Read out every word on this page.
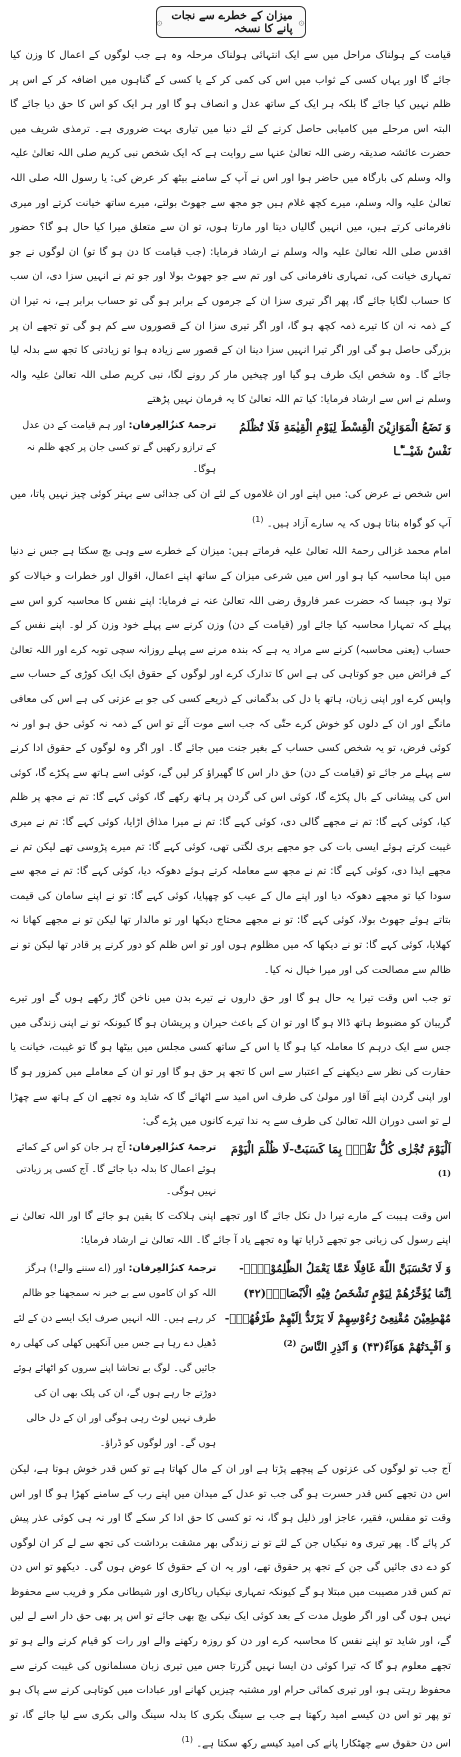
۞
میزان کے خطرے سے نجات پانے کا نسخہ
۞

قیامت کے ہولناک مراحل میں سے ایک انتہائی ہولناک مرحلہ وہ ہے جب لوگوں کے اعمال کا وزن کیا جائے گا اور یہاں کسی کے ثواب میں اس کی کمی کر کے یا کسی کے گناہوں میں اضافہ کر کے اس پر ظلم نہیں کیا جائے گا بلکہ ہر ایک کے ساتھ عدل و انصاف ہو گا اور ہر ایک کو اس کا حق دیا جائے گا البتہ اس مرحلے میں کامیابی حاصل کرنے کے لئے دنیا میں تیاری بہت ضروری ہے۔ ترمذی شریف میں حضرت عائشہ صدیقہ رضی اللہ تعالیٰ عنہا سے روایت ہے کہ ایک شخص نبی کریم صلی اللہ تعالیٰ علیہ والہ وسلم کی بارگاہ میں حاضر ہوا اور اس نے آپ کے سامنے بیٹھ کر عرض کی: یا رسول اللہ صلی اللہ تعالیٰ علیہ والہ وسلم، میرے کچھ غلام ہیں جو مجھ سے جھوٹ بولتے، میرے ساتھ خیانت کرتے اور میری نافرمانی کرتے ہیں، میں انہیں گالیاں دیتا اور مارتا ہوں، تو ان سے متعلق میرا کیا حال ہو گا؟ حضور اقدس صلی اللہ تعالیٰ علیہ والہ وسلم نے ارشاد فرمایا: (جب قیامت کا دن ہو گا تو) ان لوگوں نے جو تمہاری خیانت کی، تمہاری نافرمانی کی اور تم سے جو جھوٹ بولا اور جو تم نے انہیں سزا دی، ان سب کا حساب لگایا جائے گا، پھر اگر تیری سزا ان کے جرموں کے برابر ہو گی تو حساب برابر ہے، نہ تیرا ان کے ذمہ نہ ان کا تیرے ذمہ کچھ ہو گا، اور اگر تیری سزا ان کے قصوروں سے کم ہو گی تو تجھے ان پر بزرگی حاصل ہو گی اور اگر تیرا انہیں سزا دینا ان کے قصور سے زیادہ ہوا تو زیادتی کا تجھ سے بدلہ لیا جائے گا۔ وہ شخص ایک طرف ہو گیا اور چیخیں مار کر رونے لگا، نبی کریم صلی اللہ تعالیٰ علیہ والہ وسلم نے اس سے ارشاد فرمایا: کیا تم اللہ تعالیٰ کا یہ فرمان نہیں پڑھتے

وَ نَضَعُ الْمَوَازِیْنَ الْقِسْطَ لِیَوْمِ الْقِیٰمَةِ فَلَا تُظْلَمُ نَفْسٌ شَیْــٴًـا
ترجمۂ کنزُالعِرفان: اور ہم قیامت کے دن عدل کے ترازو رکھیں گے تو کسی جان پر کچھ ظلم نہ ہوگا۔

اس شخص نے عرض کی: میں اپنے اور ان غلاموں کے لئے ان کی جدائی سے بہتر کوئی چیز نہیں پاتا، میں آپ کو گواہ بناتا ہوں کہ یہ سارے آزاد ہیں۔ $^{(1)}$

امام محمد غزالی رحمۃ اللہ تعالیٰ علیہ فرماتے ہیں: میزان کے خطرے سے وہی بچ سکتا ہے جس نے دنیا میں اپنا محاسبہ کیا ہو اور اس میں شرعی میزان کے ساتھ اپنے اعمال، اقوال اور خطرات و خیالات کو تولا ہو، جیسا کہ حضرت عمر فاروق رضی اللہ تعالیٰ عنہ نے فرمایا: اپنے نفس کا محاسبہ کرو اس سے پہلے کہ تمہارا محاسبہ کیا جائے اور (قیامت کے دن) وزن کرنے سے پہلے خود وزن کر لو۔ اپنے نفس کے حساب (یعنی محاسبہ) کرنے سے مراد یہ ہے کہ بندہ مرنے سے پہلے روزانہ سچی توبہ کرے اور اللہ تعالیٰ کے فرائض میں جو کوتاہی کی ہے اس کا تدارک کرے اور لوگوں کے حقوق ایک ایک کوڑی کے حساب سے واپس کرے اور اپنی زبان، ہاتھ یا دل کی بدگمانی کے ذریعے کسی کی جو بے عزتی کی ہے اس کی معافی مانگے اور ان کے دلوں کو خوش کرے حتّٰی کہ جب اسے موت آئے تو اس کے ذمہ نہ کوئی حق ہو اور نہ کوئی فرض، تو یہ شخص کسی حساب کے بغیر جنت میں جائے گا۔ اور اگر وہ لوگوں کے حقوق ادا کرنے سے پہلے مر جائے تو (قیامت کے دن) حق دار اس کا گھیراؤ کر لیں گے، کوئی اسے ہاتھ سے پکڑے گا، کوئی اس کی پیشانی کے بال پکڑے گا، کوئی اس کی گردن پر ہاتھ رکھے گا، کوئی کہے گا: تم نے مجھ پر ظلم کیا، کوئی کہے گا: تم نے مجھے گالی دی، کوئی کہے گا: تم نے میرا مذاق اڑایا، کوئی کہے گا: تم نے میری غیبت کرتے ہوئے ایسی بات کی جو مجھے بری لگتی تھی، کوئی کہے گا: تم میرے پڑوسی تھے لیکن تم نے مجھے ایذا دی، کوئی کہے گا: تم نے مجھ سے معاملہ کرتے ہوئے دھوکہ دیا، کوئی کہے گا: تم نے مجھ سے سودا کیا تو مجھے دھوکہ دیا اور اپنے مال کے عیب کو چھپایا، کوئی کہے گا: تو نے اپنے سامان کی قیمت بتاتے ہوئے جھوٹ بولا، کوئی کہے گا: تو نے مجھے محتاج دیکھا اور تو مالدار تھا لیکن تو نے مجھے کھانا نہ کھلایا، کوئی کہے گا: تو نے دیکھا کہ میں مظلوم ہوں اور تو اس ظلم کو دور کرنے پر قادر تھا لیکن تو نے ظالم سے مصالحت کی اور میرا خیال نہ کیا۔

تو جب اس وقت تیرا یہ حال ہو گا اور حق داروں نے تیرے بدن میں ناخن گاڑ رکھے ہوں گے اور تیرے گریبان کو مضبوط ہاتھ ڈالا ہو گا اور تو ان کے باعث حیران و پریشان ہو گا کیونکہ تو نے اپنی زندگی میں جس سے ایک درہم کا معاملہ کیا ہو گا یا اس کے ساتھ کسی مجلس میں بیٹھا ہو گا تو غیبت، خیانت یا حقارت کی نظر سے دیکھنے کے اعتبار سے اس کا تجھ پر حق ہو گا اور تو ان کے معاملے میں کمزور ہو گا اور اپنی گردن اپنے آقا اور مولیٰ کی طرف اس امید سے اٹھائے گا کہ شاید وہ تجھے ان کے ہاتھ سے چھڑا لے تو اسی دوران اللہ تعالیٰ کی طرف سے یہ ندا تیرے کانوں میں پڑے گی:

اَلْیَوْمَ تُجْزٰى كُلُّ نَفْسٍۭ بِمَا كَسَبَتْؕ-لَا ظُلْمَ الْیَوْمَ $^{(1)}$
ترجمۂ کنزُالعِرفان: آج ہر جان کو اس کے کمائے ہوئے اعمال کا بدلہ دیا جائے گا۔ آج کسی پر زیادتی نہیں ہوگی۔

اس وقت ہیبت کے مارے تیرا دل نکل جائے گا اور تجھے اپنی ہلاکت کا یقین ہو جائے گا اور اللہ تعالیٰ نے اپنے رسول کی زبانی جو تجھے ڈرایا تھا وہ تجھے یاد آ جائے گا۔ اللہ تعالیٰ نے ارشاد فرمایا:

وَ لَا تَحْسَبَنَّ اللّٰهَ غَافِلًا عَمَّا یَعْمَلُ الظّٰلِمُوْنَ۬ؕ-اِنَّمَا یُؤَخِّرُهُمْ لِیَوْمٍ تَشْخَصُ فِیْهِ الْاَبْصَارُۙ(۴۲) مُهْطِعِیْنَ مُقْنِعِیْ رُءُوْسِهِمْ لَا یَرْتَدُّ اِلَیْهِمْ طَرْفُهُمْۚ-وَ اَفْـٕدَتُهُمْ هَوَآءٌ(۴۳) وَ اَنْذِرِ النَّاسَ $^{(2)}$
ترجمۂ کنزُالعِرفان: اور (اے سننے والے!) ہرگز اللہ کو ان کاموں سے بے خبر نہ سمجھنا جو ظالم کر رہے ہیں۔ اللہ انہیں صرف ایک ایسے دن کے لئے ڈھیل دے رہا ہے جس میں آنکھیں کھلی کی کھلی رہ جائیں گی۔ لوگ بے تحاشا اپنے سروں کو اٹھائے ہوئے دوڑتے جا رہے ہوں گے، ان کی پلک بھی ان کی طرف نہیں لوٹ رہی ہوگی اور ان کے دل خالی ہوں گے۔ اور لوگوں کو ڈراؤ۔

آج جب تو لوگوں کی عزتوں کے پیچھے پڑتا ہے اور ان کے مال کھاتا ہے تو کس قدر خوش ہوتا ہے، لیکن اس دن تجھے کس قدر حسرت ہو گی جب تو عدل کے میدان میں اپنے رب کے سامنے کھڑا ہو گا اور اس وقت تو مفلس، فقیر، عاجز اور ذلیل ہو گا، نہ تو کسی کا حق ادا کر سکے گا اور نہ ہی کوئی عذر پیش کر پائے گا۔ پھر تیری وہ نیکیاں جن کے لئے تو نے زندگی بھر مشقت برداشت کی تجھ سے لے کر ان لوگوں کو دے دی جائیں گی جن کے تجھ پر حقوق تھے، اور یہ ان کے حقوق کا عوض ہوں گی۔ دیکھو تو اس دن تم کس قدر مصیبت میں مبتلا ہو گے کیونکہ تمہاری نیکیاں ریاکاری اور شیطانی مکر و فریب سے محفوظ نہیں ہوں گی اور اگر طویل مدت کے بعد کوئی ایک نیکی بچ بھی جائے تو اس پر بھی حق دار اسے لے لیں گے، اور شاید تو اپنے نفس کا محاسبہ کرے اور دن کو روزہ رکھنے والے اور رات کو قیام کرنے والے ہو تو تجھے معلوم ہو گا کہ تیرا کوئی دن ایسا نہیں گزرتا جس میں تیری زبان مسلمانوں کی غیبت کرنے سے محفوظ رہتی ہو، اور تیری کمائی حرام اور مشتبہ چیزیں کھانے اور عبادات میں کوتاہی کرنے سے پاک ہو تو پھر تو اس دن کیسے امید رکھتا ہے جب بے سینگ بکری کا بدلہ سینگ والی بکری سے لیا جائے گا، تو اس دن حقوق سے چھٹکارا پانے کی امید کیسے رکھ سکتا ہے۔ $^{(1)}$
